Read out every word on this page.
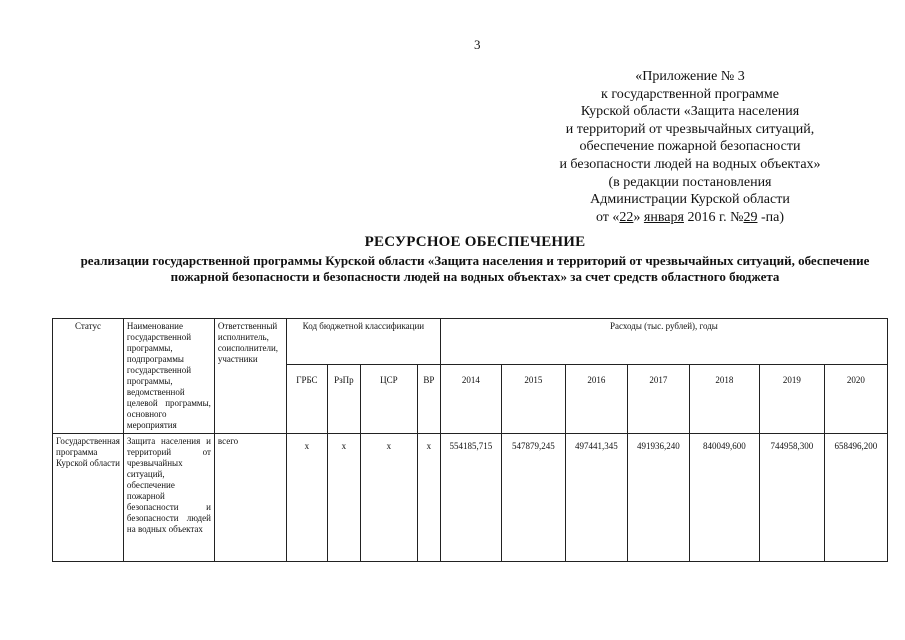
3
«Приложение № 3
к государственной программе
Курской области «Защита населения
и территорий от чрезвычайных ситуаций,
обеспечение пожарной безопасности
и безопасности людей на водных объектах»
(в редакции постановления
Администрации Курской области
от «22» января 2016 г. №29 -па)
РЕСУРСНОЕ ОБЕСПЕЧЕНИЕ
реализации государственной программы Курской области «Защита населения и территорий от чрезвычайных ситуаций, обеспечение пожарной безопасности и безопасности людей на водных объектах» за счет средств областного бюджета
Статус	Наименование государственной программы, подпрограммы государственной программы, ведомственной целевой программы, основного мероприятия	Ответственный исполнитель, соисполнители, участники	Код бюджетной классификации				Расходы (тыс. рублей), годы						
			ГРБС	РзПр	ЦСР	ВР	2014	2015	2016	2017	2018	2019	2020
Государственная программа Курской области	Защита населения и территорий от чрезвычайных ситуаций, обеспечение пожарной безопасности и безопасности людей на водных объектах	всего	х	х	х	х	554185,715	547879,245	497441,345	491936,240	840049,600	744958,300	658496,200
